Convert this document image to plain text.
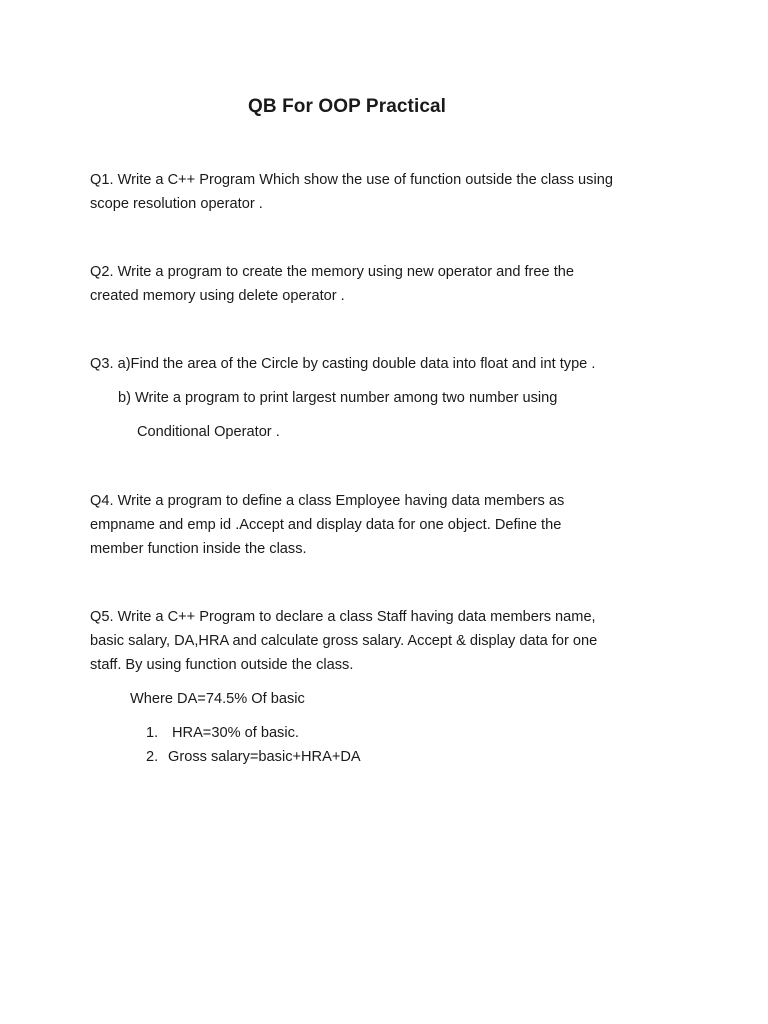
QB For OOP Practical
Q1. Write a C++ Program Which show the use of function outside the class using
scope resolution operator .
Q2. Write a program to create the memory using new operator and free the
created memory using delete operator .
Q3. a)Find the area of the Circle by casting double data into float and int type .
b) Write a program to print largest number among two number using
Conditional Operator .
Q4. Write a program to define a class Employee having data members as
empname and emp id .Accept and display data for one object. Define the
member function inside the class.
Q5. Write a C++ Program to declare a class Staff having data members name,
basic salary, DA,HRA and calculate gross salary. Accept & display data for one
staff. By using function outside the class.
Where DA=74.5% Of basic
1. HRA=30% of basic.
2. Gross salary=basic+HRA+DA
